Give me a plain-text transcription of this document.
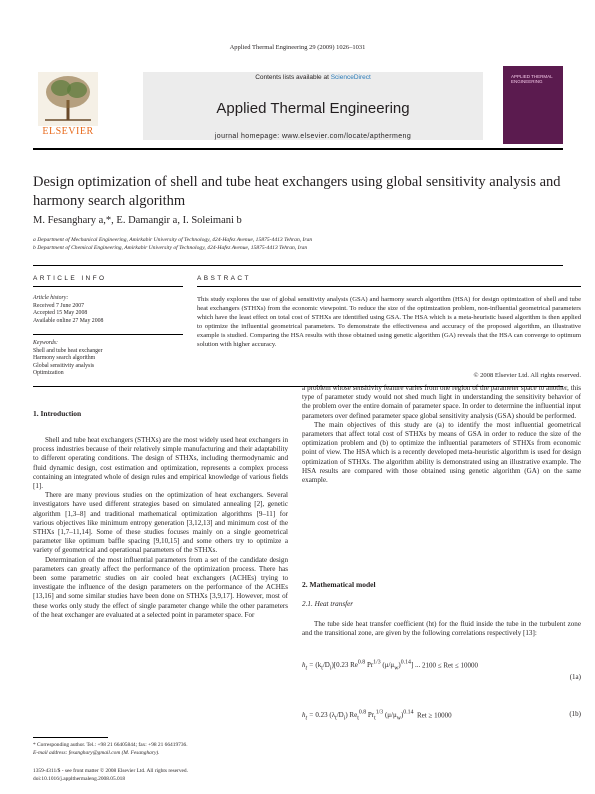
Applied Thermal Engineering 29 (2009) 1026–1031
ELSEVIER
Contents lists available at ScienceDirect
Applied Thermal Engineering
journal homepage: www.elsevier.com/locate/apthermeng
APPLIED THERMAL ENGINEERING
Design optimization of shell and tube heat exchangers using global sensitivity analysis and harmony search algorithm
M. Fesanghary a,*, E. Damangir a, I. Soleimani b
a Department of Mechanical Engineering, Amirkabir University of Technology, 424-Hafez Avenue, 15875-4413 Tehran, Iran
b Department of Chemical Engineering, Amirkabir University of Technology, 424-Hafez Avenue, 15875-4413 Tehran, Iran
ARTICLE INFO	ABSTRACT
Article history:
Received 7 June 2007
Accepted 15 May 2008
Available online 27 May 2008
Keywords:
Shell and tube heat exchanger
Harmony search algorithm
Global sensitivity analysis
Optimization
This study explores the use of global sensitivity analysis (GSA) and harmony search algorithm (HSA) for design optimization of shell and tube heat exchangers (STHXs) from the economic viewpoint. To reduce the size of the optimization problem, non-influential geometrical parameters which have the least effect on total cost of STHXs are identified using GSA. The HSA which is a meta-heuristic based algorithm is then applied to optimize the influential geometrical parameters. To demonstrate the effectiveness and accuracy of the proposed algorithm, an illustrative example is studied. Comparing the HSA results with those obtained using genetic algorithm (GA) reveals that the HSA can converge to optimum solution with higher accuracy.
© 2008 Elsevier Ltd. All rights reserved.
1. Introduction

Shell and tube heat exchangers (STHXs) are the most widely used heat exchangers in process industries because of their relatively simple manufacturing and their adaptability to different operating conditions. The design of STHXs, including thermodynamic and fluid dynamic design, cost estimation and optimization, represents a complex process containing an integrated whole of design rules and empirical knowledge of various fields [1].

There are many previous studies on the optimization of heat exchangers. Several investigators have used different strategies based on simulated annealing [2], genetic algorithm [1,3–8] and traditional mathematical optimization algorithms [9–11] for various objectives like minimum entropy generation [3,12,13] and minimum cost of the STHXs [1,7–11,14]. Some of these studies focuses mainly on a single geometrical parameter like optimum baffle spacing [9,10,15] and some others try to optimize a variety of geometrical and operational parameters of the STHXs.

Determination of the most influential parameters from a set of the candidate design parameters can greatly affect the performance of the optimization process. There has been some parametric studies on air cooled heat exchangers (ACHEs) trying to investigate the influence of the design parameters on the performance of the ACHEs [13,16] and some similar studies have been done on STHXs [3,9,17]. However, most of these works only study the effect of single parameter change while the other parameters of the heat exchanger are evaluated at a selected point in parameter space. For

a problem whose sensitivity feature varies from one region of the parameter space to another, this type of parameter study would not shed much light in understanding the sensitivity behavior of the problem over the entire domain of parameter space. In order to determine the influential input parameters over defined parameter space global sensitivity analysis (GSA) should be performed.

The main objectives of this study are (a) to identify the most influential geometrical parameters that affect total cost of STHXs by means of GSA in order to reduce the size of the optimization problem and (b) to optimize the influential parameters of STHXs from economic point of view. The HSA which is a recently developed meta-heuristic algorithm is used for design optimization of STHXs. The algorithm ability is demonstrated using an illustrative example. The HSA results are compared with those obtained using genetic algorithm (GA) on the same example.

2. Mathematical model
2.1. Heat transfer

The tube side heat transfer coefficient (ht) for the fluid inside the tube in the turbulent zone and the transitional zone, are given by the following correlations respectively [13]:

$h_t = (k_t/D_i)[0.23$ $Re^{0.8}$ $Pr^{1/3}$ $(\mu/\mu_w)^{0.14}$] ... 2100 ≤ Ret ≤ 10000
(1a)
$h_t = 0.23$ $(\lambda_t/D_i)$ $Re_t^{0.8}$ $Pr_t^{1/3}$ $(\mu/\mu_w)^{0.14}$ Ret ≥ 10000	(1b)
* Corresponding author. Tel.: +98 21 66405844; fax: +98 21 66419736.
E-mail address: fesanghary@gmail.com (M. Fesanghary).
1359-4311/$ - see front matter © 2008 Elsevier Ltd. All rights reserved.
doi:10.1016/j.applthermaleng.2008.05.018
